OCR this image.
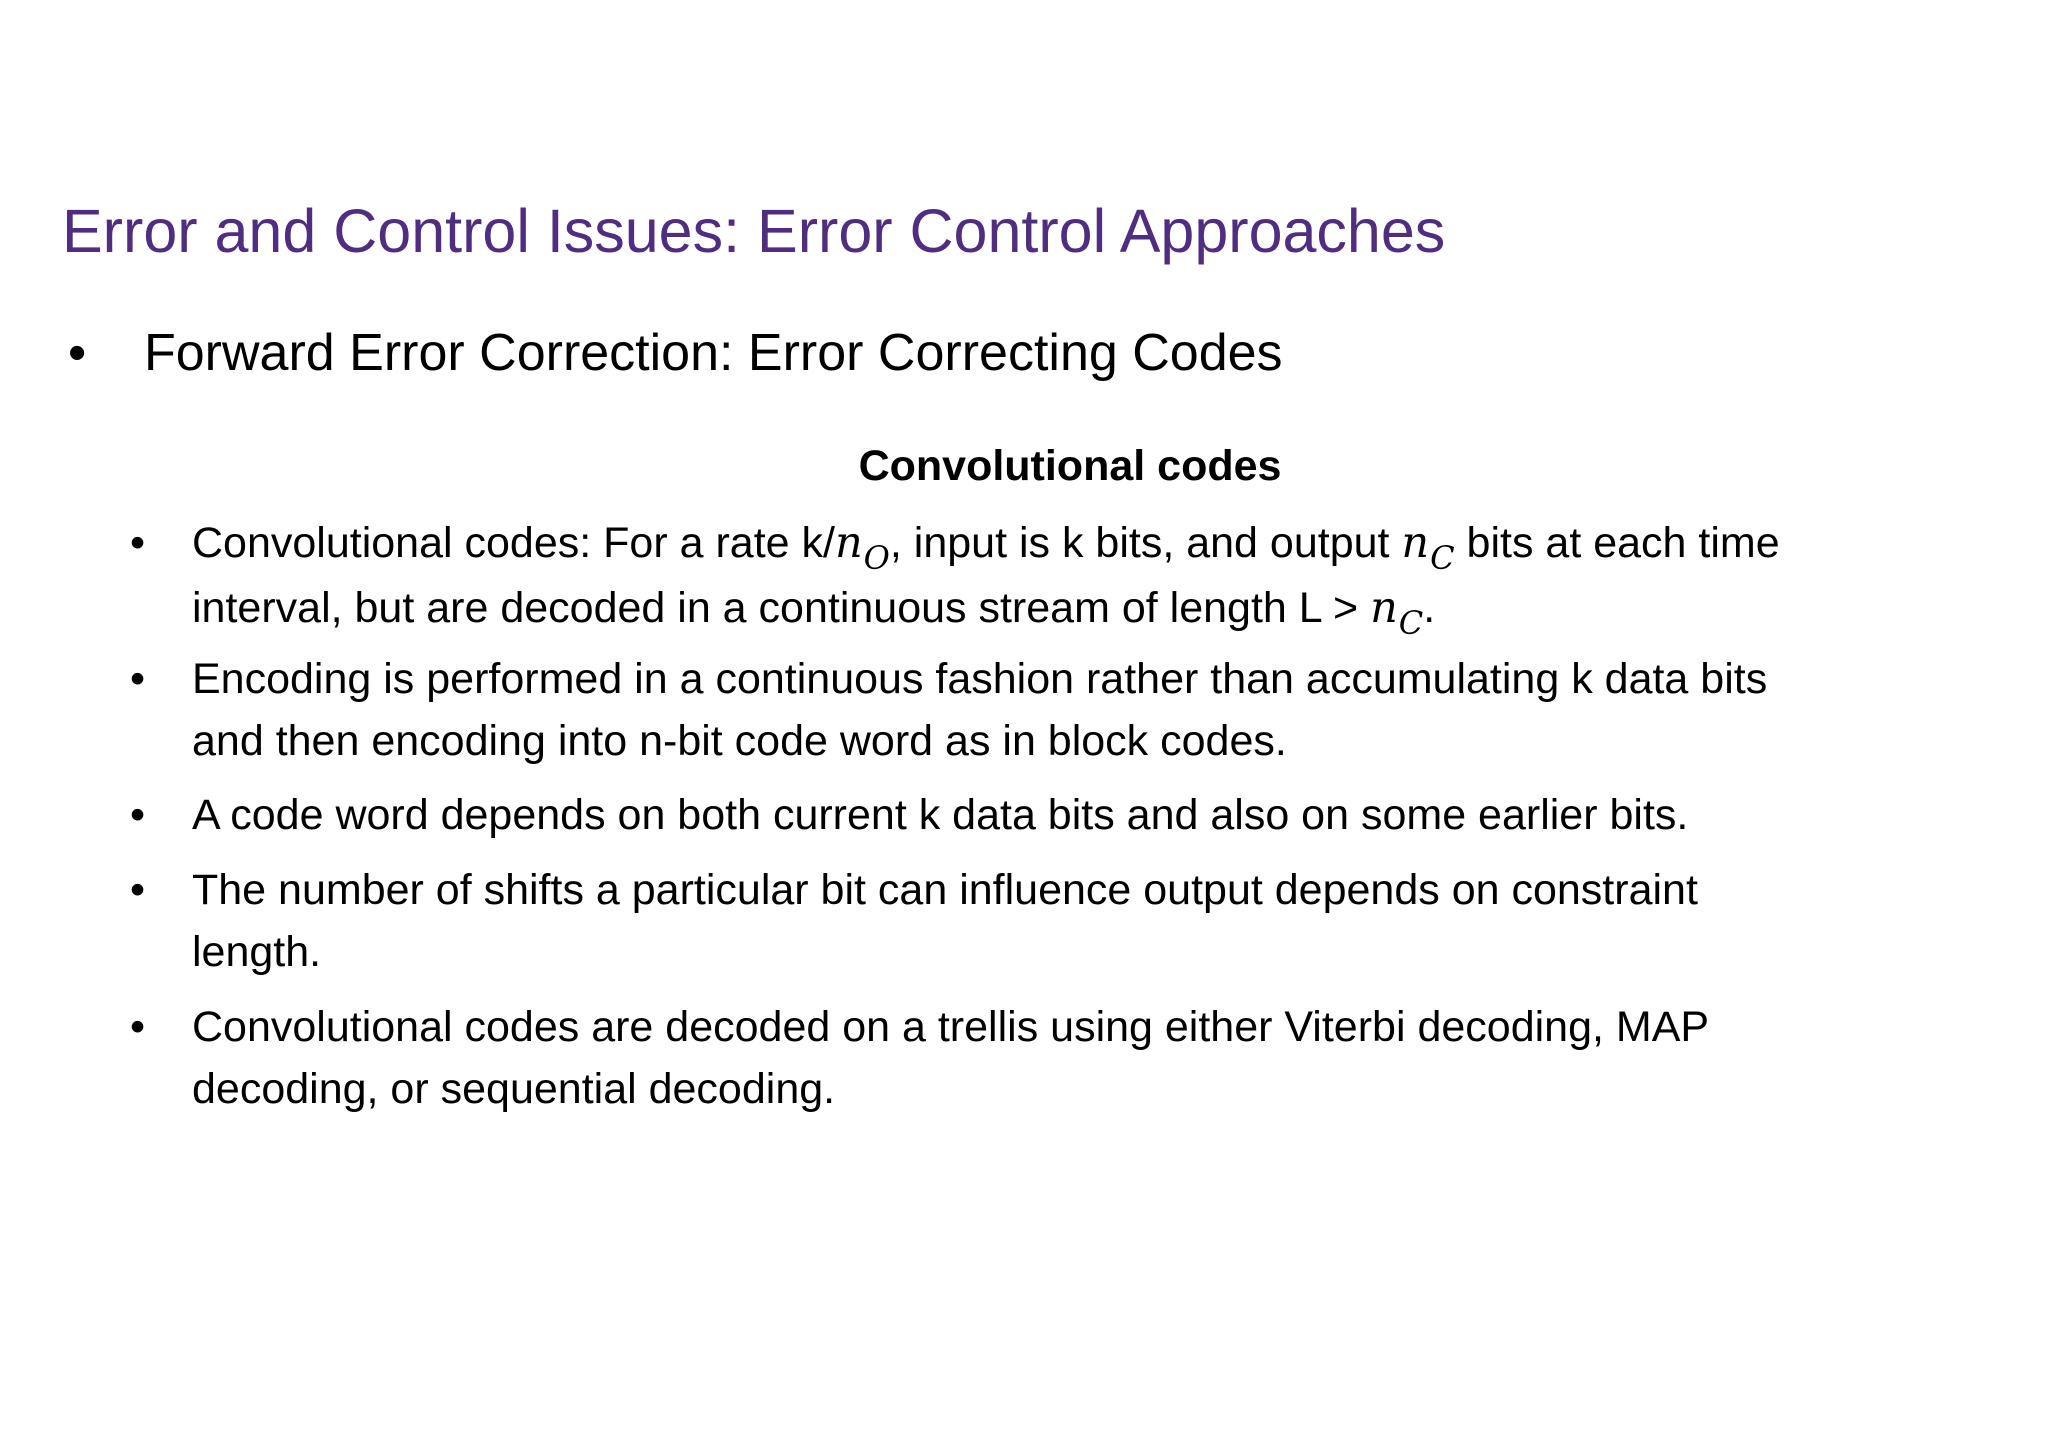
Error and Control Issues: Error Control Approaches
• Forward Error Correction: Error Correcting Codes
Convolutional codes
•	Convolutional codes: For a rate $k/n_O$, input is k bits, and output $n_C$ bits at each time
interval, but are decoded in a continuous stream of length $L > n_C$.
•	Encoding is performed in a continuous fashion rather than accumulating k data bits
and then encoding into n-bit code word as in block codes.
•	A code word depends on both current k data bits and also on some earlier bits.
•	The number of shifts a particular bit can influence output depends on constraint
length.
•	Convolutional codes are decoded on a trellis using either Viterbi decoding, MAP
decoding, or sequential decoding.
